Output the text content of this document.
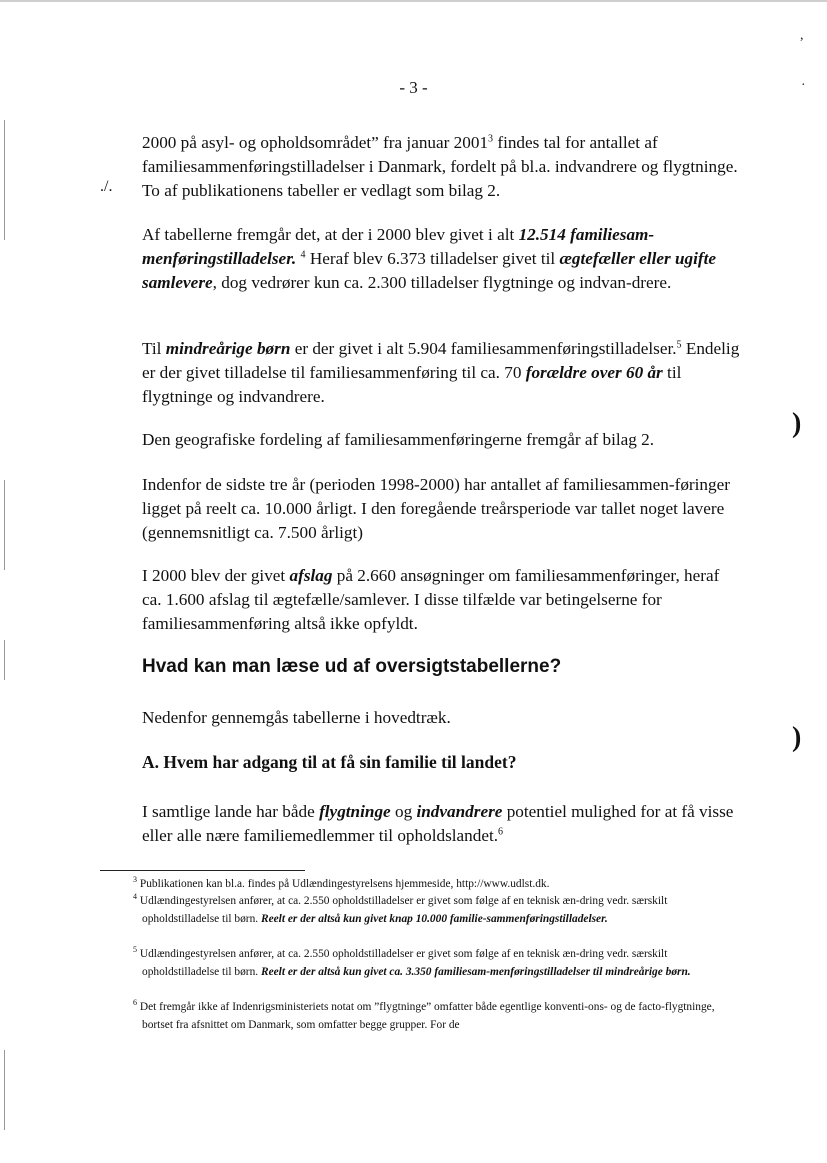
,
·
)
)
- 3 -
./.

2000 på asyl- og opholdsområdet” fra januar 2001$^3$ findes tal for antallet af familiesammenføringstilladelser i Danmark, fordelt på bl.a. indvandrere og flygtninge. To af publikationens tabeller er vedlagt som bilag 2.

Af tabellerne fremgår det, at der i 2000 blev givet i alt 12.514 familiesam-menføringstilladelser. $^4$ Heraf blev 6.373 tilladelser givet til ægtefæller eller ugifte samlevere, dog vedrører kun ca. 2.300 tilladelser flygtninge og indvan-drere.

Til mindreårige børn er der givet i alt 5.904 familiesammenføringstilladelser.$^5$ Endelig er der givet tilladelse til familiesammenføring til ca. 70 forældre over 60 år til flygtninge og indvandrere.

Den geografiske fordeling af familiesammenføringerne fremgår af bilag 2.

Indenfor de sidste tre år (perioden 1998-2000) har antallet af familiesammen-føringer ligget på reelt ca. 10.000 årligt. I den foregående treårsperiode var tallet noget lavere (gennemsnitligt ca. 7.500 årligt)

I 2000 blev der givet afslag på 2.660 ansøgninger om familiesammenføringer, heraf ca. 1.600 afslag til ægtefælle/samlever. I disse tilfælde var betingelserne for familiesammenføring altså ikke opfyldt.

Hvad kan man læse ud af oversigtstabellerne?

Nedenfor gennemgås tabellerne i hovedtræk.

A. Hvem har adgang til at få sin familie til landet?

I samtlige lande har både flygtninge og indvandrere potentiel mulighed for at få visse eller alle nære familiemedlemmer til opholdslandet.$^6$

$^3$ Publikationen kan bl.a. findes på Udlændingestyrelsens hjemmeside, http://www.udlst.dk.
$^4$ Udlændingestyrelsen anfører, at ca. 2.550 opholdstilladelser er givet som følge af en teknisk æn-dring vedr. særskilt opholdstilladelse til børn. Reelt er der altså kun givet knap 10.000 familie-sammenføringstilladelser.
$^5$ Udlændingestyrelsen anfører, at ca. 2.550 opholdstilladelser er givet som følge af en teknisk æn-dring vedr. særskilt opholdstilladelse til børn. Reelt er der altså kun givet ca. 3.350 familiesam-menføringstilladelser til mindreårige børn.
$^6$ Det fremgår ikke af Indenrigsministeriets notat om ”flygtninge” omfatter både egentlige konventi-ons- og de facto-flygtninge, bortset fra afsnittet om Danmark, som omfatter begge grupper. For de
